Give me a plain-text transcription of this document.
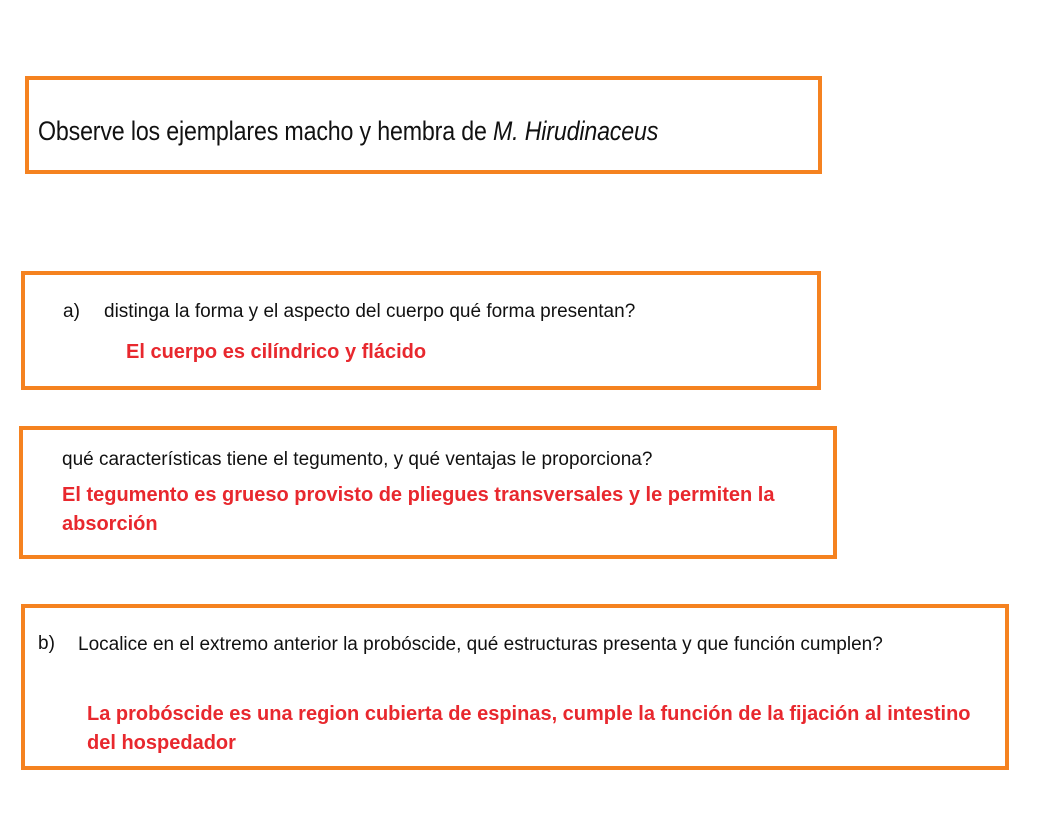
Observe los ejemplares macho y hembra de M. Hirudinaceus
a) distinga la forma y el aspecto del cuerpo qué forma presentan?
El cuerpo es cilíndrico y flácido
qué características tiene el tegumento, y qué ventajas le proporciona?
El tegumento es grueso provisto de pliegues transversales y le permiten la absorción
b) Localice en el extremo anterior la probóscide, qué estructuras presenta y que función cumplen?
La probóscide es una region cubierta de espinas, cumple la función de la fijación al intestino del hospedador
